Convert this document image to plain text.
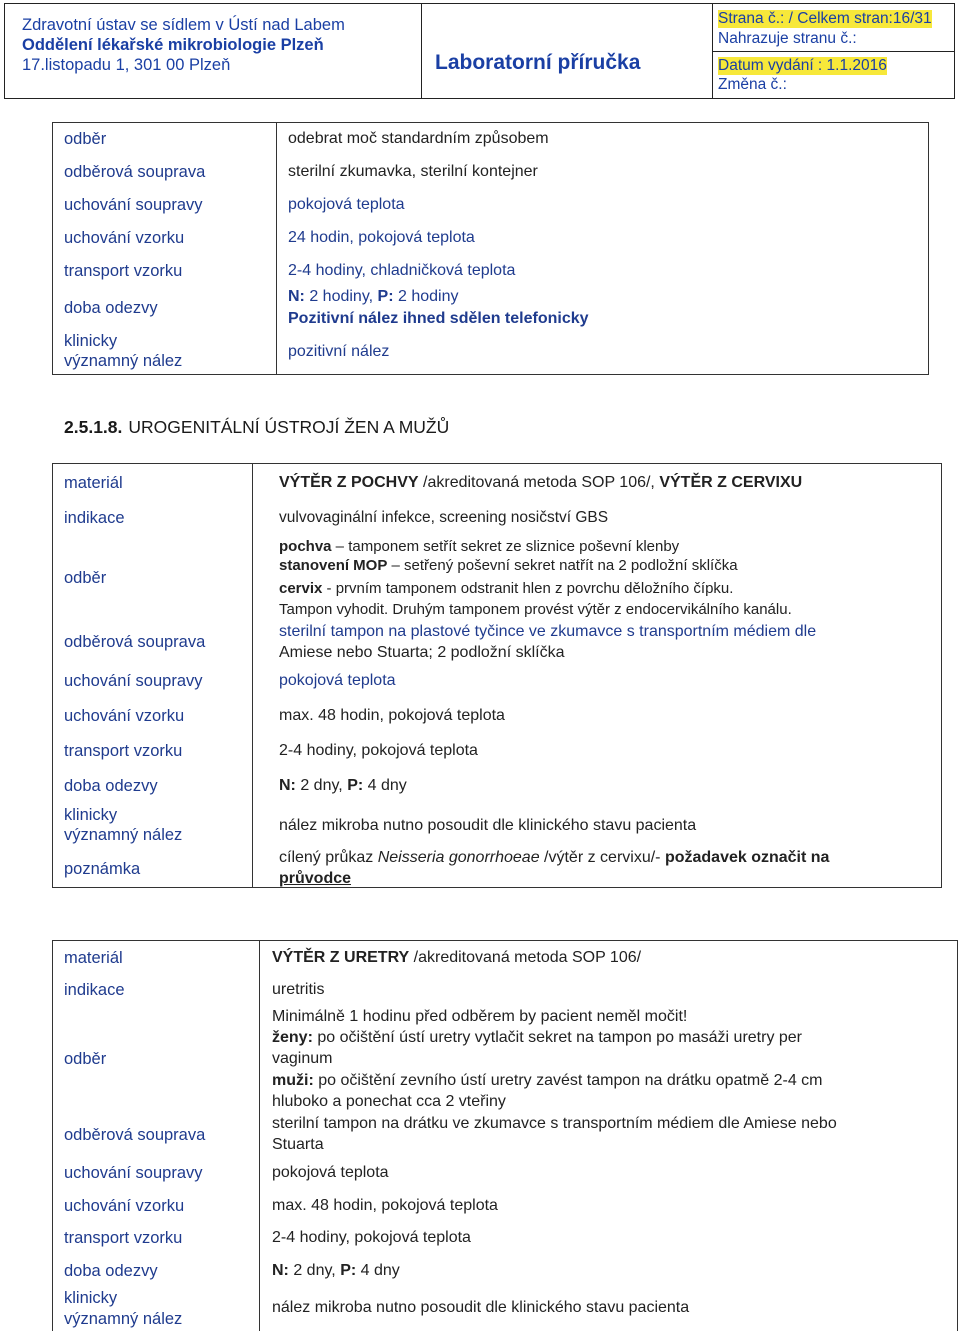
Zdravotní ústav se sídlem v Ústí nad Labem
Oddělení lékařské mikrobiologie Plzeň
17.listopadu 1, 301 00 Plzeň	Laboratorní příručka
Strana č.: / Celkem stran:16/31
Nahrazuje stranu č.:
Datum vydání : 1.1.2016
Změna č.:
odběr
odběrová souprava
uchování soupravy
uchování vzorku
transport vzorku
doba odezvy
klinicky
významný nález
odebrat moč standardním způsobem
sterilní zkumavka, sterilní kontejner
pokojová teplota
24 hodin, pokojová teplota
2-4 hodiny, chladničková teplota
N: 2 hodiny, P: 2 hodiny
Pozitivní nález ihned sdělen telefonicky
pozitivní nález
2.5.1.8. UROGENITÁLNÍ ÚSTROJÍ ŽEN A MUŽŮ
materiál
indikace
odběr
odběrová souprava
uchování soupravy
uchování vzorku
transport vzorku
doba odezvy
klinicky
významný nález
poznámka
VÝTĚR Z POCHVY /akreditovaná metoda SOP 106/, VÝTĚR Z CERVIXU
vulvovaginální infekce, screening nosičství GBS
pochva – tamponem setřít sekret ze sliznice poševní klenby
stanovení MOP – setřený poševní sekret natřít na 2 podložní sklíčka
cervix - prvním tamponem odstranit hlen z povrchu děložního čípku.
Tampon vyhodit. Druhým tamponem provést výtěr z endocervikálního kanálu.
sterilní tampon na plastové tyčince ve zkumavce s transportním médiem dle
Amiese nebo Stuarta; 2 podložní sklíčka
pokojová teplota
max. 48 hodin, pokojová teplota
2-4 hodiny, pokojová teplota
N: 2 dny, P: 4 dny
nález mikroba nutno posoudit dle klinického stavu pacienta
cílený průkaz Neisseria gonorrhoeae /výtěr z cervixu/- požadavek označit na
průvodce
materiál
indikace
odběr
odběrová souprava
uchování soupravy
uchování vzorku
transport vzorku
doba odezvy
klinicky
významný nález
VÝTĚR Z URETRY /akreditovaná metoda SOP 106/
uretritis
Minimálně 1 hodinu před odběrem by pacient neměl močit!
ženy: po očištění ústí uretry vytlačit sekret na tampon po masáži uretry per
vaginum
muži: po očištění zevního ústí uretry zavést tampon na drátku opatmě 2-4 cm
hluboko a ponechat cca 2 vteřiny
sterilní tampon na drátku ve zkumavce s transportním médiem dle Amiese nebo
Stuarta
pokojová teplota
max. 48 hodin, pokojová teplota
2-4 hodiny, pokojová teplota
N: 2 dny, P: 4 dny
nález mikroba nutno posoudit dle klinického stavu pacienta
